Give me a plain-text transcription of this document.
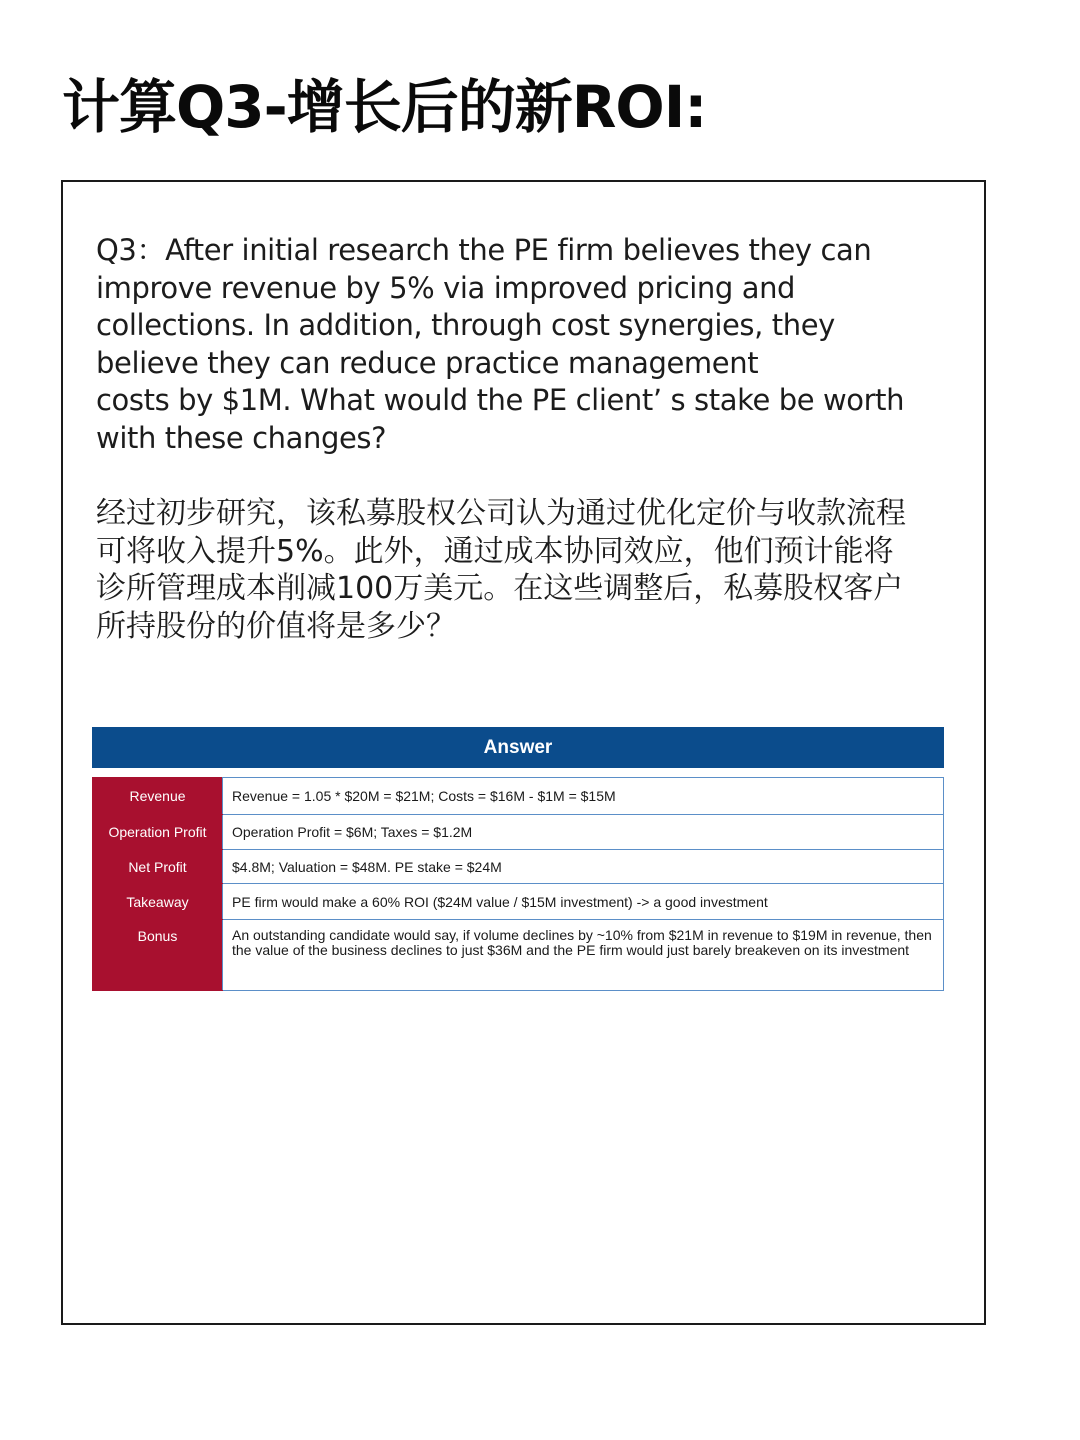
计算Q3-增长后的新ROI:

Q3：After initial research the PE firm believes they can
improve revenue by 5% via improved pricing and
collections. In addition, through cost synergies, they
believe they can reduce practice management
costs by $1M. What would the PE client’ s stake be worth
with these changes?

经过初步研究，该私募股权公司认为通过优化定价与收款流程
可将收入提升5%。此外，通过成本协同效应，他们预计能将
诊所管理成本削减100万美元。在这些调整后，私募股权客户
所持股份的价值将是多少？

Answer
Revenue	Revenue = 1.05 * $20M = $21M; Costs = $16M - $1M = $15M
Operation Profit	Operation Profit = $6M; Taxes = $1.2M
Net Profit	$4.8M; Valuation = $48M. PE stake = $24M
Takeaway	PE firm would make a 60% ROI ($24M value / $15M investment) -> a good investment
Bonus	An outstanding candidate would say, if volume declines by ~10% from $21M in revenue to $19M in revenue, then the value of the business declines to just $36M and the PE firm would just barely breakeven on its investment
